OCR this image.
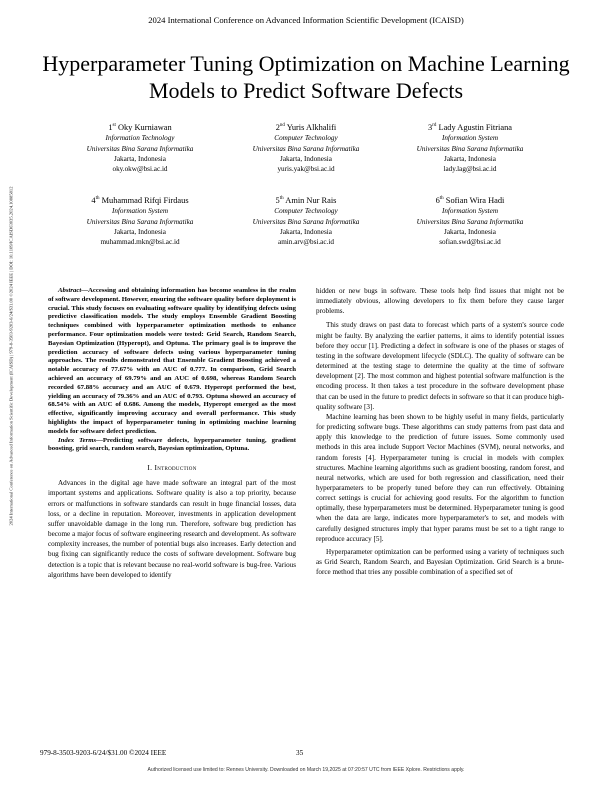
2024 International Conference on Advanced Information Scientific Development (ICAISD)
2024 International Conference on Advanced Information Scientific Development (ICAISD) | 979-8-3503-9203-6/24/$31.00 ©2024 IEEE | DOI: 10.1109/ICAISD63035.2024.10885812
Hyperparameter Tuning Optimization on Machine Learning Models to Predict Software Defects
1st Oky Kurniawan
Information Technology
Universitas Bina Sarana Informatika
Jakarta, Indonesia
oky.okw@bsi.ac.id
2nd Yuris Alkhalifi
Computer Technology
Universitas Bina Sarana Informatika
Jakarta, Indonesia
yuris.yak@bsi.ac.id
3rd Lady Agustin Fitriana
Information System
Universitas Bina Sarana Informatika
Jakarta, Indonesia
lady.lag@bsi.ac.id
4th Muhammad Rifqi Firdaus
Information System
Universitas Bina Sarana Informatika
Jakarta, Indonesia
muhammad.mkn@bsi.ac.id
5th Amin Nur Rais
Computer Technology
Universitas Bina Sarana Informatika
Jakarta, Indonesia
amin.arv@bsi.ac.id
6th Sofian Wira Hadi
Information System
Universitas Bina Sarana Informatika
Jakarta, Indonesia
sofian.swd@bsi.ac.id

Abstract—Accessing and obtaining information has become seamless in the realm of software development. However, ensuring the software quality before deployment is crucial. This study focuses on evaluating software quality by identifying defects using predictive classification models. The study employs Ensemble Gradient Boosting techniques combined with hyperparameter optimization methods to enhance performance. Four optimization models were tested: Grid Search, Random Search, Bayesian Optimization (Hyperopt), and Optuna. The primary goal is to improve the prediction accuracy of software defects using various hyperparameter tuning approaches. The results demonstrated that Ensemble Gradient Boosting achieved a notable accuracy of 77.67% with an AUC of 0.777. In comparison, Grid Search achieved an accuracy of 69.79% and an AUC of 0.698, whereas Random Search recorded 67.88% accuracy and an AUC of 0.679. Hyperopt performed the best, yielding an accuracy of 79.36% and an AUC of 0.793. Optuna showed an accuracy of 68.54% with an AUC of 0.686. Among the models, Hyperopt emerged as the most effective, significantly improving accuracy and overall performance. This study highlights the impact of hyperparameter tuning in optimizing machine learning models for software defect prediction.

Index Terms—Predicting software defects, hyperparameter tuning, gradient boosting, grid search, random search, Bayesian optimization, Optuna.

I. Introduction

Advances in the digital age have made software an integral part of the most important systems and applications. Software quality is also a top priority, because errors or malfunctions in software standards can result in huge financial losses, data loss, or a decline in reputation. Moreover, investments in application development suffer unavoidable damage in the long run. Therefore, software bug prediction has become a major focus of software engineering research and development. As software complexity increases, the number of potential bugs also increases. Early detection and bug fixing can significantly reduce the costs of software development. Software bug detection is a topic that is relevant because no real-world software is bug-free. Various algorithms have been developed to identify

hidden or new bugs in software. These tools help find issues that might not be immediately obvious, allowing developers to fix them before they cause larger problems.

This study draws on past data to forecast which parts of a system's source code might be faulty. By analyzing the earlier patterns, it aims to identify potential issues before they occur [1]. Predicting a defect in software is one of the phases or stages of testing in the software development lifecycle (SDLC). The quality of software can be determined at the testing stage to determine the quality at the time of software development [2]. The most common and highest potential software malfunction is the encoding process. It then takes a test procedure in the software development phase that can be used in the future to predict defects in software so that it can produce high-quality software [3].

Machine learning has been shown to be highly useful in many fields, particularly for predicting software bugs. These algorithms can study patterns from past data and apply this knowledge to the prediction of future issues. Some commonly used methods in this area include Support Vector Machines (SVM), neural networks, and random forests [4]. Hyperparameter tuning is crucial in models with complex structures. Machine learning algorithms such as gradient boosting, random forest, and neural networks, which are used for both regression and classification, need their hyperparameters to be properly tuned before they can run effectively. Obtaining correct settings is crucial for achieving good results. For the algorithm to function optimally, these hyperparameters must be determined. Hyperparameter tuning is good when the data are large, indicates more hyperparameter's to set, and models with carefully designed structures imply that hyper params must be set to a tight range to reproduce accuracy [5].

Hyperparameter optimization can be performed using a variety of techniques such as Grid Search, Random Search, and Bayesian Optimization. Grid Search is a brute-force method that tries any possible combination of a specified set of

979-8-3503-9203-6/24/$31.00 ©2024 IEEE	35
Authorized licensed use limited to: Rennes University. Downloaded on March 19,2025 at 07:20:57 UTC from IEEE Xplore. Restrictions apply.
